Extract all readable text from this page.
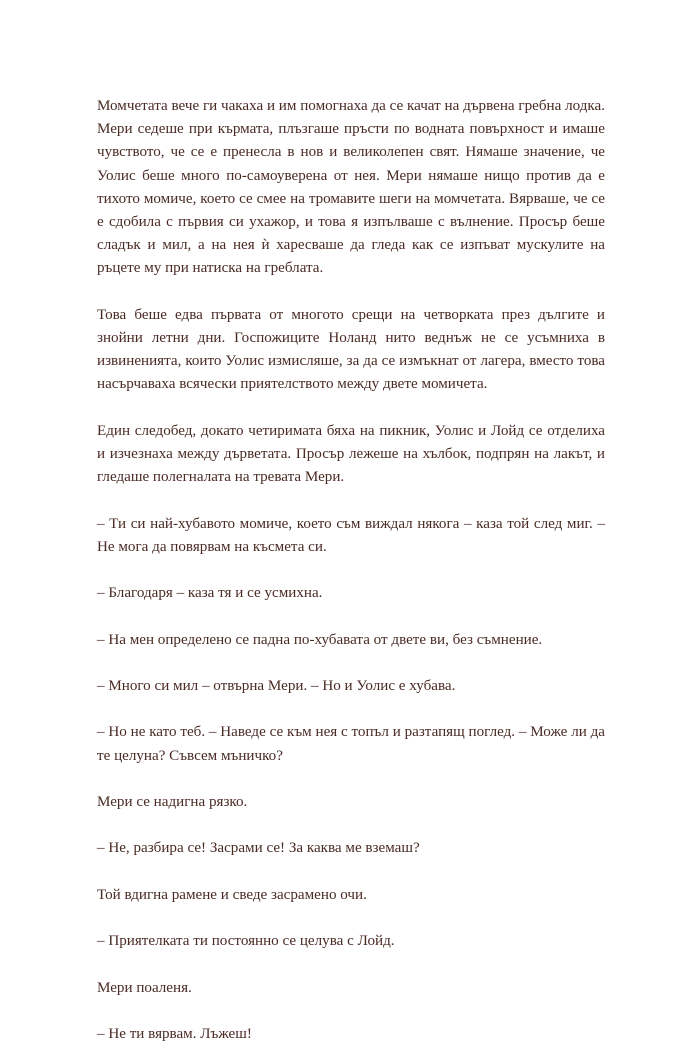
Момчетата вече ги чакаха и им помогнаха да се качат на дървена гребна лодка. Мери седеше при кърмата, плъзгаше пръсти по водната повърхност и имаше чувството, че се е пренесла в нов и великолепен свят. Нямаше значение, че Уолис беше много по-самоуверена от нея. Мери нямаше нищо против да е тихото момиче, което се смее на тромавите шеги на момчетата. Вярваше, че се е сдобила с първия си ухажор, и това я изпълваше с вълнение. Просър беше сладък и мил, а на нея ѝ харесваше да гледа как се изпъват мускулите на ръцете му при натиска на греблата.

Това беше едва първата от многото срещи на четворката през дългите и знойни летни дни. Госпожиците Ноланд нито веднъж не се усъмниха в извиненията, които Уолис измисляше, за да се измъкнат от лагера, вместо това насърчаваха всячески приятелството между двете момичета.

Един следобед, докато четиримата бяха на пикник, Уолис и Лойд се отделиха и изчезнаха между дърветата. Просър лежеше на хълбок, подпрян на лакът, и гледаше полегналата на тревата Мери.

– Ти си най-хубавото момиче, което съм виждал някога – каза той след миг. – Не мога да повярвам на късмета си.

– Благодаря – каза тя и се усмихна.

– На мен определено се падна по-хубавата от двете ви, без съмнение.

– Много си мил – отвърна Мери. – Но и Уолис е хубава.

– Но не като теб. – Наведе се към нея с топъл и разтапящ поглед. – Може ли да те целуна? Съвсем мъничко?

Мери се надигна рязко.

– Не, разбира се! Засрами се! За каква ме вземаш?

Той вдигна рамене и сведе засрамено очи.

– Приятелката ти постоянно се целува с Лойд.

Мери поаленя.

– Не ти вярвам. Лъжеш!
